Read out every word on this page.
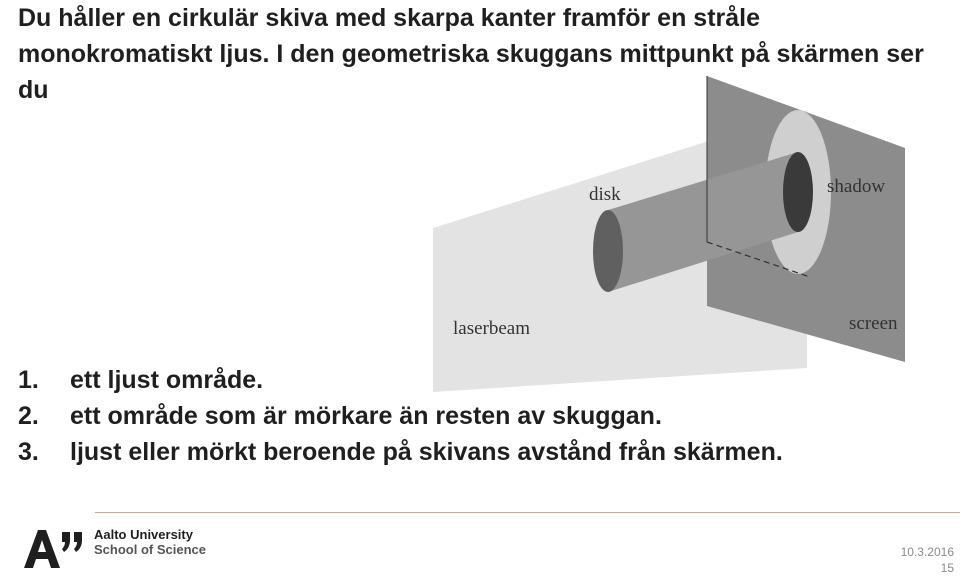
Du håller en cirkulär skiva med skarpa kanter framför en stråle monokromatiskt ljus. I den geometriska skuggans mittpunkt på skärmen ser du

disk	shadow
laserbeam	screen
1.	ett ljust område.
2.	ett område som är mörkare än resten av skuggan.
3.	ljust eller mörkt beroende på skivans avstånd från skärmen.
Aalto University
School of Science	10.3.2016
15
